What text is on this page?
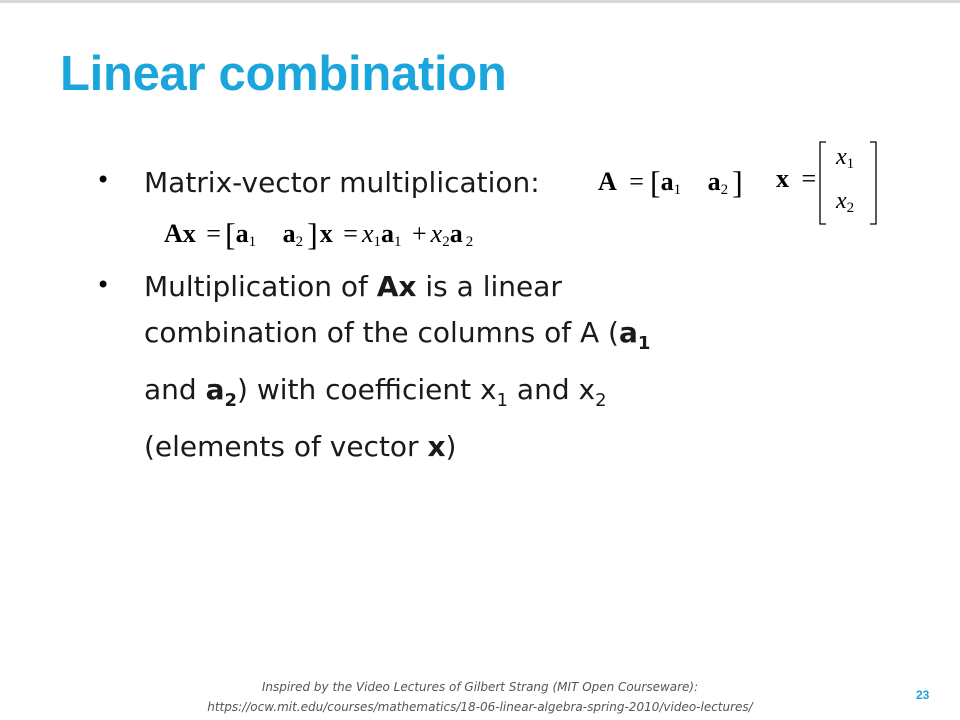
Linear combination
• Matrix-vector multiplication: A = [a1 a2 ] x =
x1
x2
Ax = [a1 a2 ]x = x1a1 + x2a 2
• Multiplication of Ax is a linear combination of the columns of A ($a_1$ and $a_2$) with coefficient $x_1$ and $x_2$ (elements of vector x)
Inspired by the Video Lectures of Gilbert Strang (MIT Open Courseware):
https://ocw.mit.edu/courses/mathematics/18-06-linear-algebra-spring-2010/video-lectures/
23
